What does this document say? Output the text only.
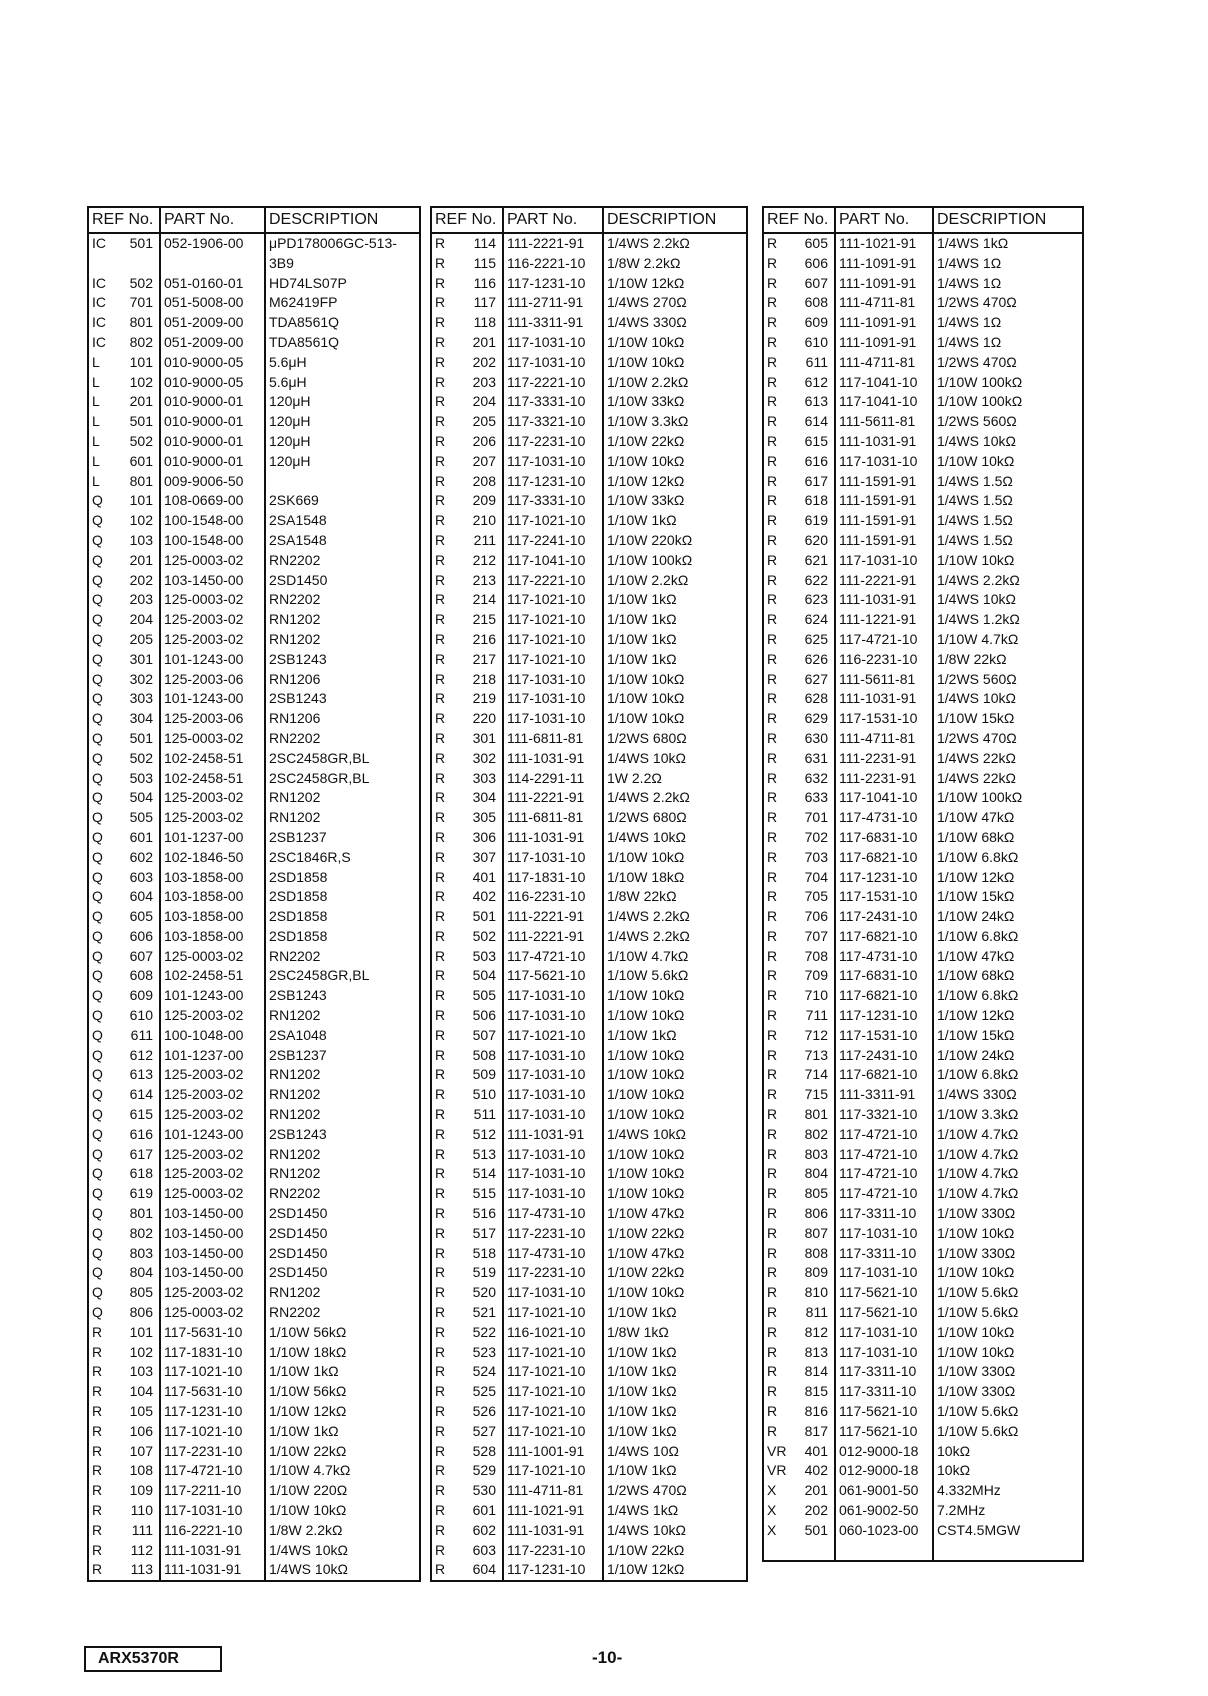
REF No. PART No.	DESCRIPTION
IC	501 052-1906-00	μPD178006GC-513-
3B9
IC	502 051-0160-01	HD74LS07P
IC	701 051-5008-00	M62419FP
IC	801 051-2009-00	TDA8561Q
IC	802 051-2009-00	TDA8561Q
L	101 010-9000-05	5.6μH
L	102 010-9000-05	5.6μH
L	201 010-9000-01	120μH
L	501 010-9000-01	120μH
L	502 010-9000-01	120μH
L	601 010-9000-01	120μH
L	801 009-9006-50
Q	101 108-0669-00	2SK669
Q	102 100-1548-00	2SA1548
Q	103 100-1548-00	2SA1548
Q	201 125-0003-02	RN2202
Q	202 103-1450-00	2SD1450
Q	203 125-0003-02	RN2202
Q	204 125-2003-02	RN1202
Q	205 125-2003-02	RN1202
Q	301 101-1243-00	2SB1243
Q	302 125-2003-06	RN1206
Q	303 101-1243-00	2SB1243
Q	304 125-2003-06	RN1206
Q	501 125-0003-02	RN2202
Q	502 102-2458-51	2SC2458GR,BL
Q	503 102-2458-51	2SC2458GR,BL
Q	504 125-2003-02	RN1202
Q	505 125-2003-02	RN1202
Q	601 101-1237-00	2SB1237
Q	602 102-1846-50	2SC1846R,S
Q	603 103-1858-00	2SD1858
Q	604 103-1858-00	2SD1858
Q	605 103-1858-00	2SD1858
Q	606 103-1858-00	2SD1858
Q	607 125-0003-02	RN2202
Q	608 102-2458-51	2SC2458GR,BL
Q	609 101-1243-00	2SB1243
Q	610 125-2003-02	RN1202
Q	611 100-1048-00	2SA1048
Q	612 101-1237-00	2SB1237
Q	613 125-2003-02	RN1202
Q	614 125-2003-02	RN1202
Q	615 125-2003-02	RN1202
Q	616 101-1243-00	2SB1243
Q	617 125-2003-02	RN1202
Q	618 125-2003-02	RN1202
Q	619 125-0003-02	RN2202
Q	801 103-1450-00	2SD1450
Q	802 103-1450-00	2SD1450
Q	803 103-1450-00	2SD1450
Q	804 103-1450-00	2SD1450
Q	805 125-2003-02	RN1202
Q	806 125-0003-02	RN2202
R	101 117-5631-10	1/10W 56kΩ
R	102 117-1831-10	1/10W 18kΩ
R	103 117-1021-10	1/10W 1kΩ
R	104 117-5631-10	1/10W 56kΩ
R	105 117-1231-10	1/10W 12kΩ
R	106 117-1021-10	1/10W 1kΩ
R	107 117-2231-10	1/10W 22kΩ
R	108 117-4721-10	1/10W 4.7kΩ
R	109 117-2211-10	1/10W 220Ω
R	110 117-1031-10	1/10W 10kΩ
R	111 116-2221-10	1/8W 2.2kΩ
R	112 111-1031-91	1/4WS 10kΩ
R	113 111-1031-91	1/4WS 10kΩ
REF No. PART No.	DESCRIPTION
R	114 111-2221-91	1/4WS 2.2kΩ
R	115 116-2221-10	1/8W 2.2kΩ
R	116 117-1231-10	1/10W 12kΩ
R	117 111-2711-91	1/4WS 270Ω
R	118 111-3311-91	1/4WS 330Ω
R	201 117-1031-10	1/10W 10kΩ
R	202 117-1031-10	1/10W 10kΩ
R	203 117-2221-10	1/10W 2.2kΩ
R	204 117-3331-10	1/10W 33kΩ
R	205 117-3321-10	1/10W 3.3kΩ
R	206 117-2231-10	1/10W 22kΩ
R	207 117-1031-10	1/10W 10kΩ
R	208 117-1231-10	1/10W 12kΩ
R	209 117-3331-10	1/10W 33kΩ
R	210 117-1021-10	1/10W 1kΩ
R	211 117-2241-10	1/10W 220kΩ
R	212 117-1041-10	1/10W 100kΩ
R	213 117-2221-10	1/10W 2.2kΩ
R	214 117-1021-10	1/10W 1kΩ
R	215 117-1021-10	1/10W 1kΩ
R	216 117-1021-10	1/10W 1kΩ
R	217 117-1021-10	1/10W 1kΩ
R	218 117-1031-10	1/10W 10kΩ
R	219 117-1031-10	1/10W 10kΩ
R	220 117-1031-10	1/10W 10kΩ
R	301 111-6811-81	1/2WS 680Ω
R	302 111-1031-91	1/4WS 10kΩ
R	303 114-2291-11	1W 2.2Ω
R	304 111-2221-91	1/4WS 2.2kΩ
R	305 111-6811-81	1/2WS 680Ω
R	306 111-1031-91	1/4WS 10kΩ
R	307 117-1031-10	1/10W 10kΩ
R	401 117-1831-10	1/10W 18kΩ
R	402 116-2231-10	1/8W 22kΩ
R	501 111-2221-91	1/4WS 2.2kΩ
R	502 111-2221-91	1/4WS 2.2kΩ
R	503 117-4721-10	1/10W 4.7kΩ
R	504 117-5621-10	1/10W 5.6kΩ
R	505 117-1031-10	1/10W 10kΩ
R	506 117-1031-10	1/10W 10kΩ
R	507 117-1021-10	1/10W 1kΩ
R	508 117-1031-10	1/10W 10kΩ
R	509 117-1031-10	1/10W 10kΩ
R	510 117-1031-10	1/10W 10kΩ
R	511 117-1031-10	1/10W 10kΩ
R	512 111-1031-91	1/4WS 10kΩ
R	513 117-1031-10	1/10W 10kΩ
R	514 117-1031-10	1/10W 10kΩ
R	515 117-1031-10	1/10W 10kΩ
R	516 117-4731-10	1/10W 47kΩ
R	517 117-2231-10	1/10W 22kΩ
R	518 117-4731-10	1/10W 47kΩ
R	519 117-2231-10	1/10W 22kΩ
R	520 117-1031-10	1/10W 10kΩ
R	521 117-1021-10	1/10W 1kΩ
R	522 116-1021-10	1/8W 1kΩ
R	523 117-1021-10	1/10W 1kΩ
R	524 117-1021-10	1/10W 1kΩ
R	525 117-1021-10	1/10W 1kΩ
R	526 117-1021-10	1/10W 1kΩ
R	527 117-1021-10	1/10W 1kΩ
R	528 111-1001-91	1/4WS 10Ω
R	529 117-1021-10	1/10W 1kΩ
R	530 111-4711-81	1/2WS 470Ω
R	601 111-1021-91	1/4WS 1kΩ
R	602 111-1031-91	1/4WS 10kΩ
R	603 117-2231-10	1/10W 22kΩ
R	604 117-1231-10	1/10W 12kΩ
REF No. PART No.	DESCRIPTION
R	605 111-1021-91	1/4WS 1kΩ
R	606 111-1091-91	1/4WS 1Ω
R	607 111-1091-91	1/4WS 1Ω
R	608 111-4711-81	1/2WS 470Ω
R	609 111-1091-91	1/4WS 1Ω
R	610 111-1091-91	1/4WS 1Ω
R	611 111-4711-81	1/2WS 470Ω
R	612 117-1041-10	1/10W 100kΩ
R	613 117-1041-10	1/10W 100kΩ
R	614 111-5611-81	1/2WS 560Ω
R	615 111-1031-91	1/4WS 10kΩ
R	616 117-1031-10	1/10W 10kΩ
R	617 111-1591-91	1/4WS 1.5Ω
R	618 111-1591-91	1/4WS 1.5Ω
R	619 111-1591-91	1/4WS 1.5Ω
R	620 111-1591-91	1/4WS 1.5Ω
R	621 117-1031-10	1/10W 10kΩ
R	622 111-2221-91	1/4WS 2.2kΩ
R	623 111-1031-91	1/4WS 10kΩ
R	624 111-1221-91	1/4WS 1.2kΩ
R	625 117-4721-10	1/10W 4.7kΩ
R	626 116-2231-10	1/8W 22kΩ
R	627 111-5611-81	1/2WS 560Ω
R	628 111-1031-91	1/4WS 10kΩ
R	629 117-1531-10	1/10W 15kΩ
R	630 111-4711-81	1/2WS 470Ω
R	631 111-2231-91	1/4WS 22kΩ
R	632 111-2231-91	1/4WS 22kΩ
R	633 117-1041-10	1/10W 100kΩ
R	701 117-4731-10	1/10W 47kΩ
R	702 117-6831-10	1/10W 68kΩ
R	703 117-6821-10	1/10W 6.8kΩ
R	704 117-1231-10	1/10W 12kΩ
R	705 117-1531-10	1/10W 15kΩ
R	706 117-2431-10	1/10W 24kΩ
R	707 117-6821-10	1/10W 6.8kΩ
R	708 117-4731-10	1/10W 47kΩ
R	709 117-6831-10	1/10W 68kΩ
R	710 117-6821-10	1/10W 6.8kΩ
R	711 117-1231-10	1/10W 12kΩ
R	712 117-1531-10	1/10W 15kΩ
R	713 117-2431-10	1/10W 24kΩ
R	714 117-6821-10	1/10W 6.8kΩ
R	715 111-3311-91	1/4WS 330Ω
R	801 117-3321-10	1/10W 3.3kΩ
R	802 117-4721-10	1/10W 4.7kΩ
R	803 117-4721-10	1/10W 4.7kΩ
R	804 117-4721-10	1/10W 4.7kΩ
R	805 117-4721-10	1/10W 4.7kΩ
R	806 117-3311-10	1/10W 330Ω
R	807 117-1031-10	1/10W 10kΩ
R	808 117-3311-10	1/10W 330Ω
R	809 117-1031-10	1/10W 10kΩ
R	810 117-5621-10	1/10W 5.6kΩ
R	811 117-5621-10	1/10W 5.6kΩ
R	812 117-1031-10	1/10W 10kΩ
R	813 117-1031-10	1/10W 10kΩ
R	814 117-3311-10	1/10W 330Ω
R	815 117-3311-10	1/10W 330Ω
R	816 117-5621-10	1/10W 5.6kΩ
R	817 117-5621-10	1/10W 5.6kΩ
VR	401 012-9000-18	10kΩ
VR	402 012-9000-18	10kΩ
X	201 061-9001-50	4.332MHz
X	202 061-9002-50	7.2MHz
X	501 060-1023-00	CST4.5MGW
ARX5370R	-10-
